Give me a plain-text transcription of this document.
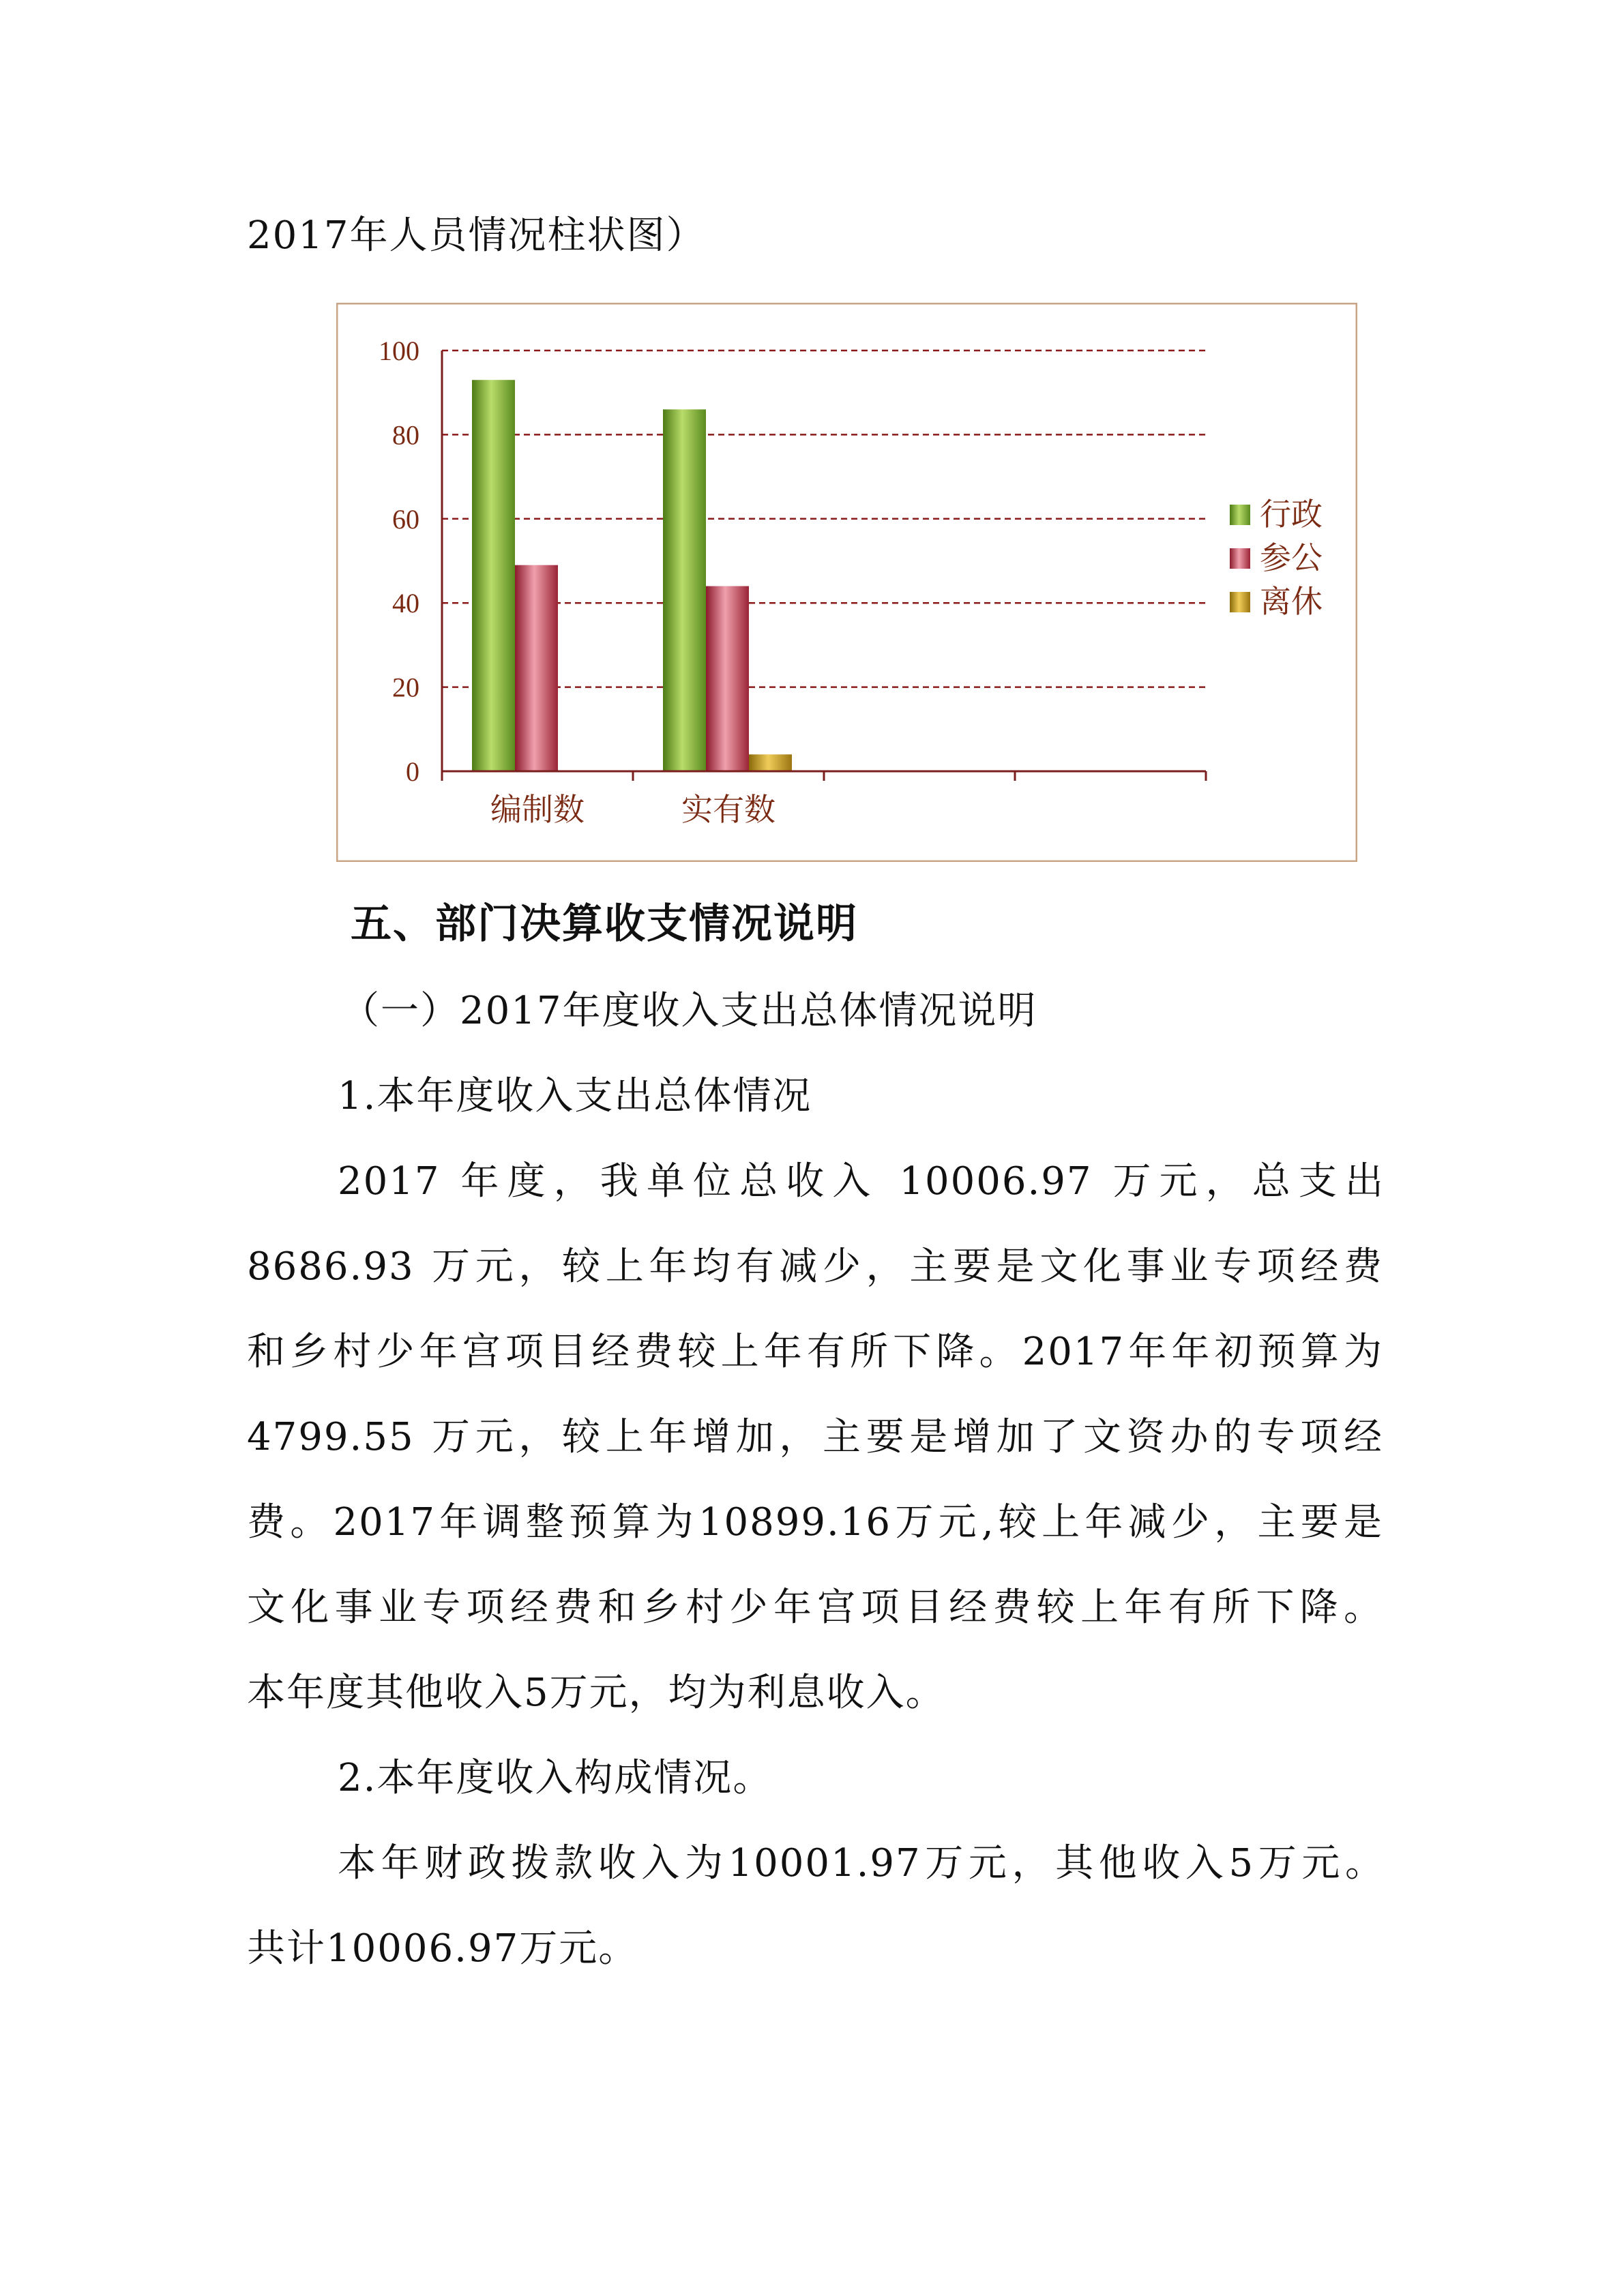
2017年人员情况柱状图）
0
20
40
60
80
100
编制数	实有数
行政
参公
离休
五、部门决算收支情况说明
（一）2017年度收入支出总体情况说明
1.本年度收入支出总体情况
2017 年度，我单位总收入 10006.97 万元，总支出
8686.93 万元，较上年均有减少，主要是文化事业专项经费
和乡村少年宫项目经费较上年有所下降。2017年年初预算为
4799.55 万元，较上年增加，主要是增加了文资办的专项经
费。2017年调整预算为10899.16万元,较上年减少，主要是
文化事业专项经费和乡村少年宫项目经费较上年有所下降。
本年度其他收入5万元，均为利息收入。
2.本年度收入构成情况。
本年财政拨款收入为10001.97万元，其他收入5万元。
共计10006.97万元。
